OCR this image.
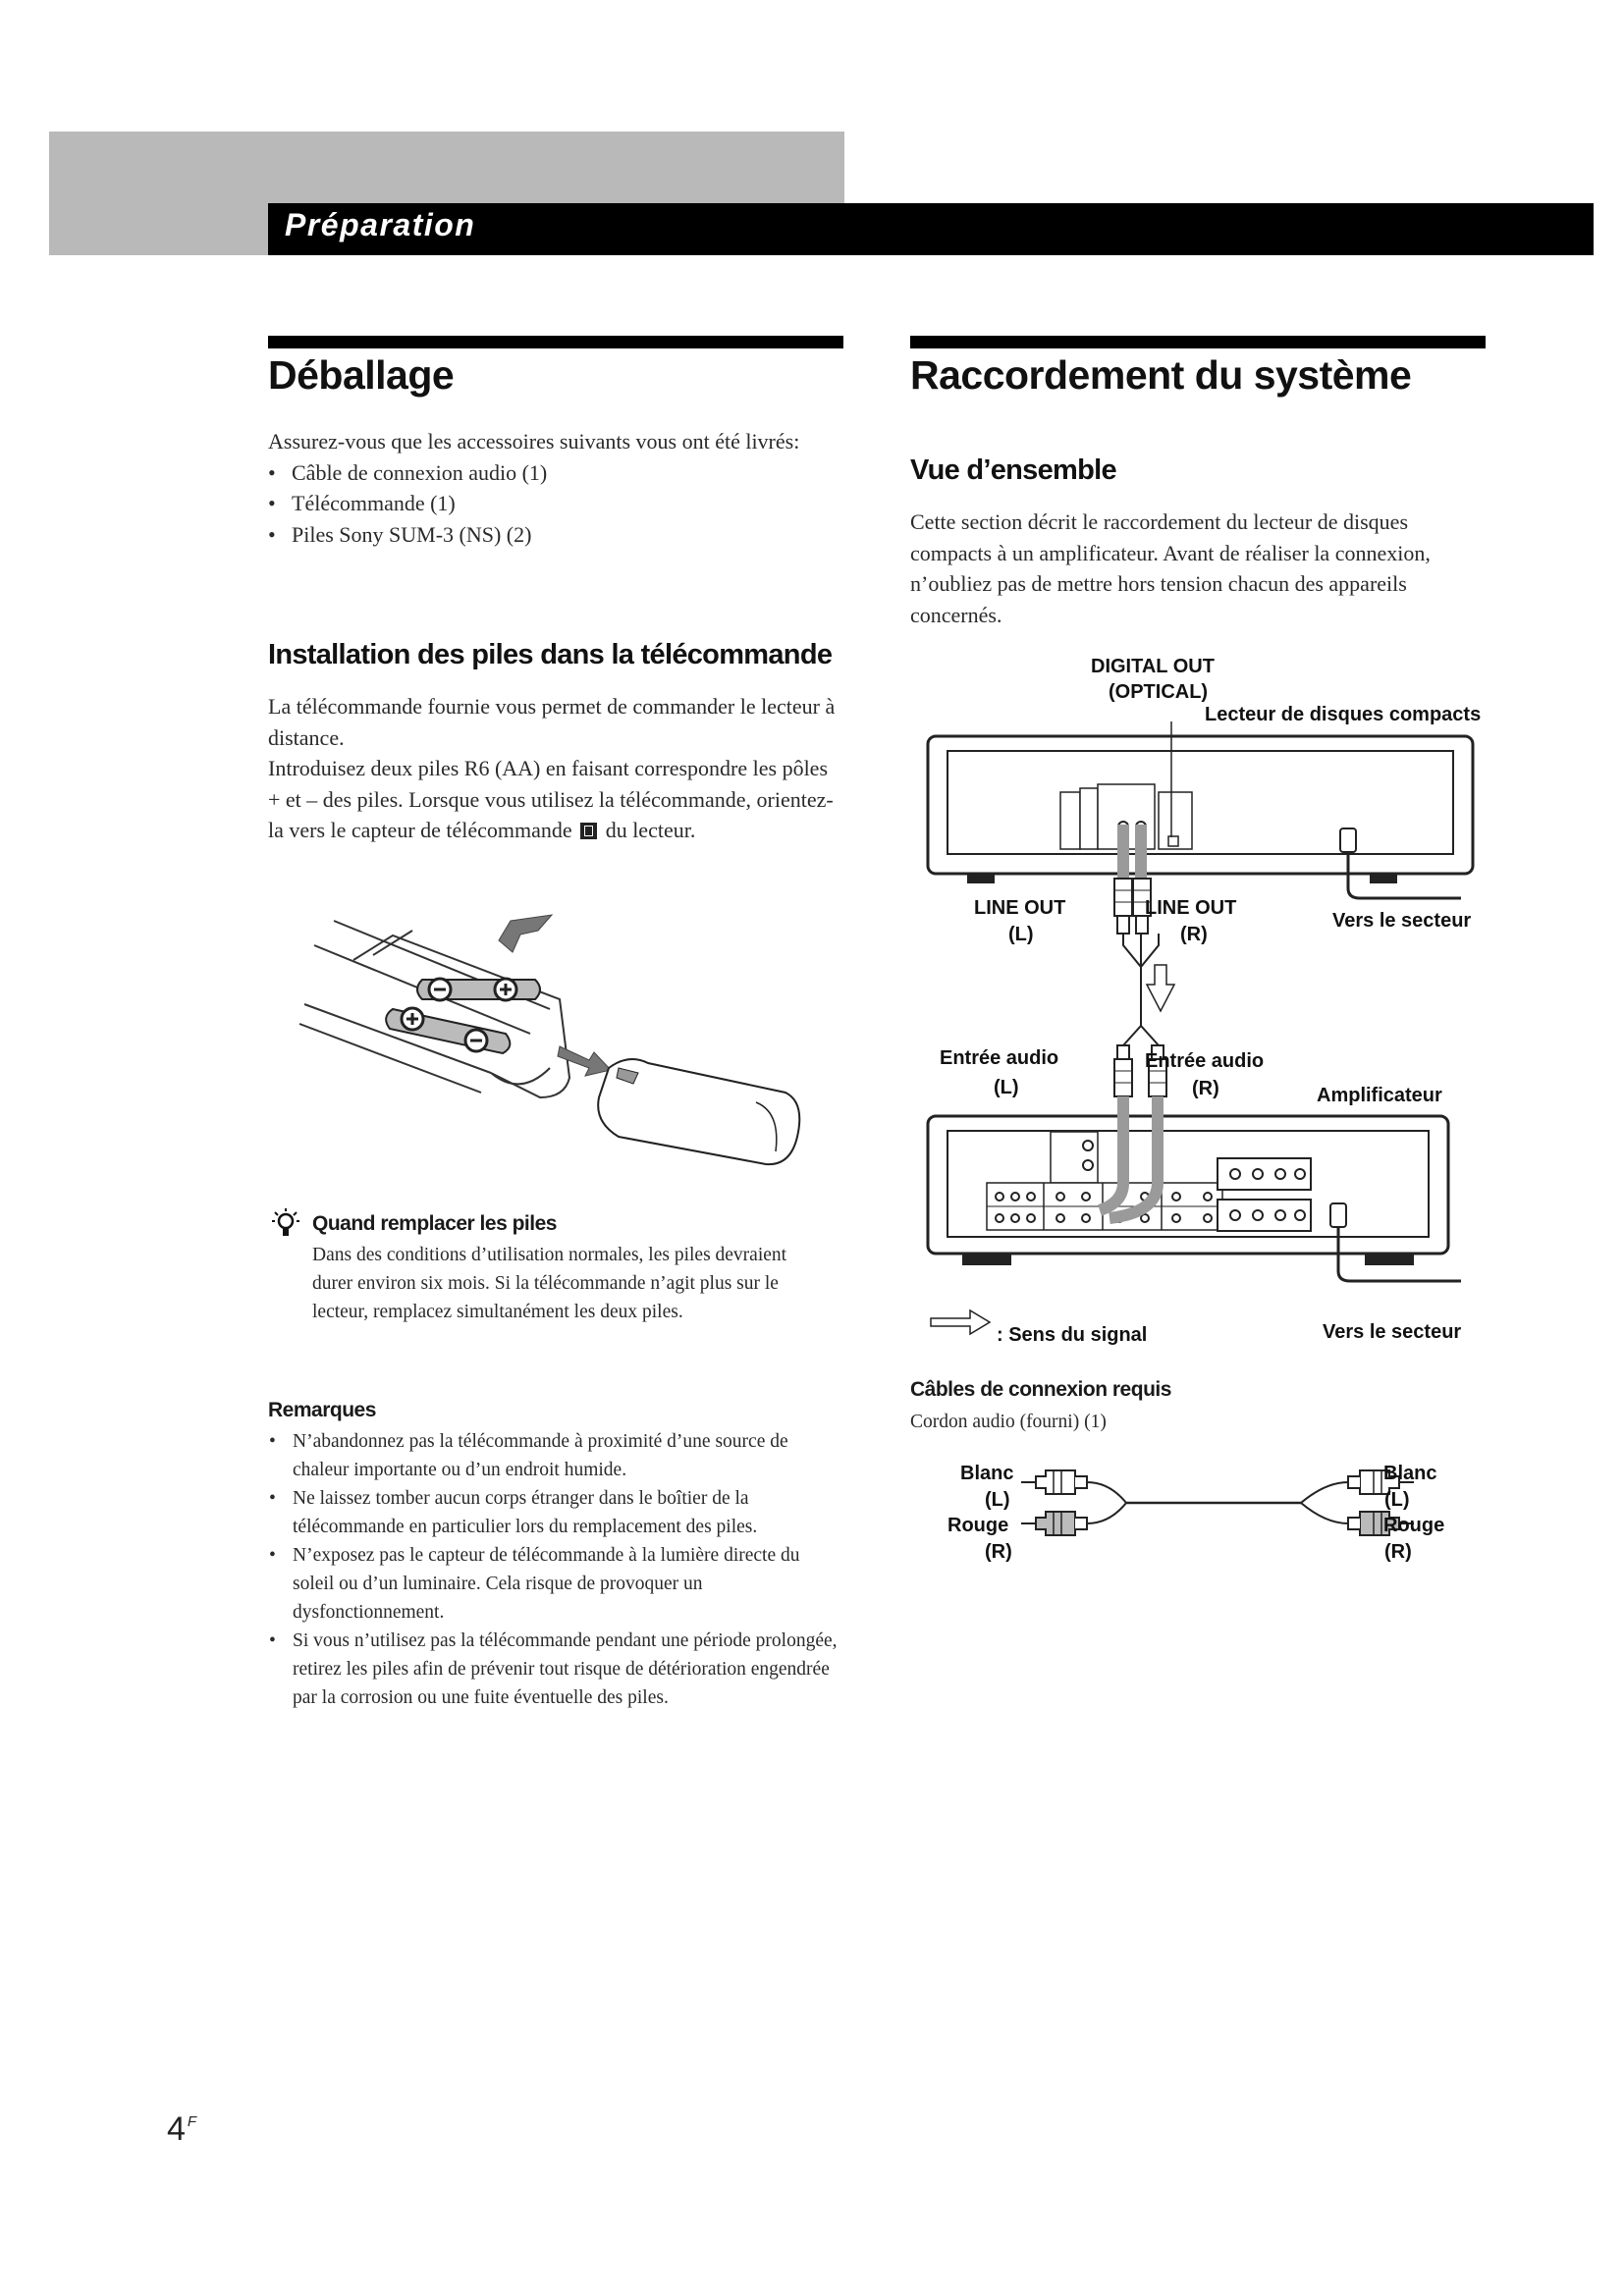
Préparation
Déballage
Assurez-vous que les accessoires suivants vous ont été livrés:
• Câble de connexion audio (1)
• Télécommande (1)
• Piles Sony SUM-3 (NS) (2)
Installation des piles dans la télécommande
La télécommande fournie vous permet de commander le lecteur à distance.
Introduisez deux piles R6 (AA) en faisant correspondre les pôles + et – des piles. Lorsque vous utilisez la télécommande, orientez-la vers le capteur de télécommande du lecteur.
Quand remplacer les piles
Dans des conditions d’utilisation normales, les piles devraient durer environ six mois. Si la télécommande n’agit plus sur le lecteur, remplacez simultanément les deux piles.
Remarques
• N’abandonnez pas la télécommande à proximité d’une source de chaleur importante ou d’un endroit humide.
• Ne laissez tomber aucun corps étranger dans le boîtier de la télécommande en particulier lors du remplacement des piles.
• N’exposez pas le capteur de télécommande à la lumière directe du soleil ou d’un luminaire. Cela risque de provoquer un dysfonctionnement.
• Si vous n’utilisez pas la télécommande pendant une période prolongée, retirez les piles afin de prévenir tout risque de détérioration engendrée par la corrosion ou une fuite éventuelle des piles.
Raccordement du système
Vue d’ensemble
Cette section décrit le raccordement du lecteur de disques compacts à un amplificateur. Avant de réaliser la connexion, n’oubliez pas de mettre hors tension chacun des appareils concernés.
DIGITAL OUT
(OPTICAL)
Lecteur de disques compacts
LINE OUT
(L)
LINE OUT
(R)
Vers le secteur
Entrée audio
(L)
Entrée audio
(R)	Amplificateur
: Sens du signal	Vers le secteur
Câbles de connexion requis
Cordon audio (fourni) (1)
Blanc
(L)
Rouge
(R)
Blanc
(L)
Rouge
(R)
4 $^F$
